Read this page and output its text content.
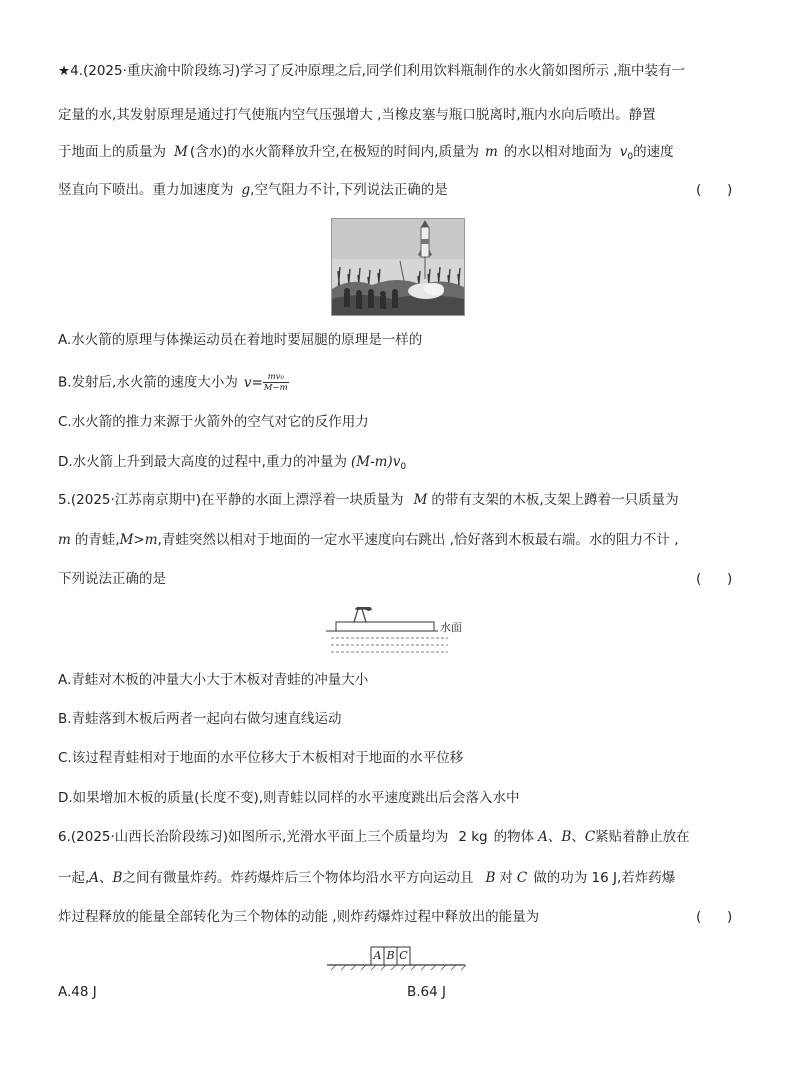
★4.(2025·重庆渝中阶段练习)学习了反冲原理之后,同学们利用饮料瓶制作的水火箭如图所示 ,瓶中装有一
定量的水,其发射原理是通过打气使瓶内空气压强增大 ,当橡皮塞与瓶口脱离时,瓶内水向后喷出。静置
于地面上的质量为 M (含水)的水火箭释放升空,在极短的时间内,质量为 m 的水以相对地面为 $v_0$的速度
竖直向下喷出。重力加速度为 g,空气阻力不计,下列说法正确的是	(      )
A.水火箭的原理与体操运动员在着地时要屈腿的原理是一样的
B.发射后,水火箭的速度大小为 $v= \frac{\text{mv₀}}{M-m}$
C.水火箭的推力来源于火箭外的空气对它的反作用力
D.水火箭上升到最大高度的过程中,重力的冲量为 $(M-m)v_0$
5.(2025·江苏南京期中)在平静的水面上漂浮着一块质量为 M 的带有支架的木板,支架上蹲着一只质量为
m 的青蛙,M>m,青蛙突然以相对于地面的一定水平速度向右跳出 ,恰好落到木板最右端。水的阻力不计 ,
下列说法正确的是	(      )
水面
A.青蛙对木板的冲量大小大于木板对青蛙的冲量大小
B.青蛙落到木板后两者一起向右做匀速直线运动
C.该过程青蛙相对于地面的水平位移大于木板相对于地面的水平位移
D.如果增加木板的质量(长度不变),则青蛙以同样的水平速度跳出后会落入水中
6.(2025·山西长治阶段练习)如图所示,光滑水平面上三个质量均为 2 kg 的物体 A、B、C紧贴着静止放在
一起,A、B之间有微量炸药。炸药爆炸后三个物体均沿水平方向运动且 B 对 C 做的功为 16 J,若炸药爆
炸过程释放的能量全部转化为三个物体的动能 ,则炸药爆炸过程中释放出的能量为	(      )
A B C
A.48 J	B.64 J
